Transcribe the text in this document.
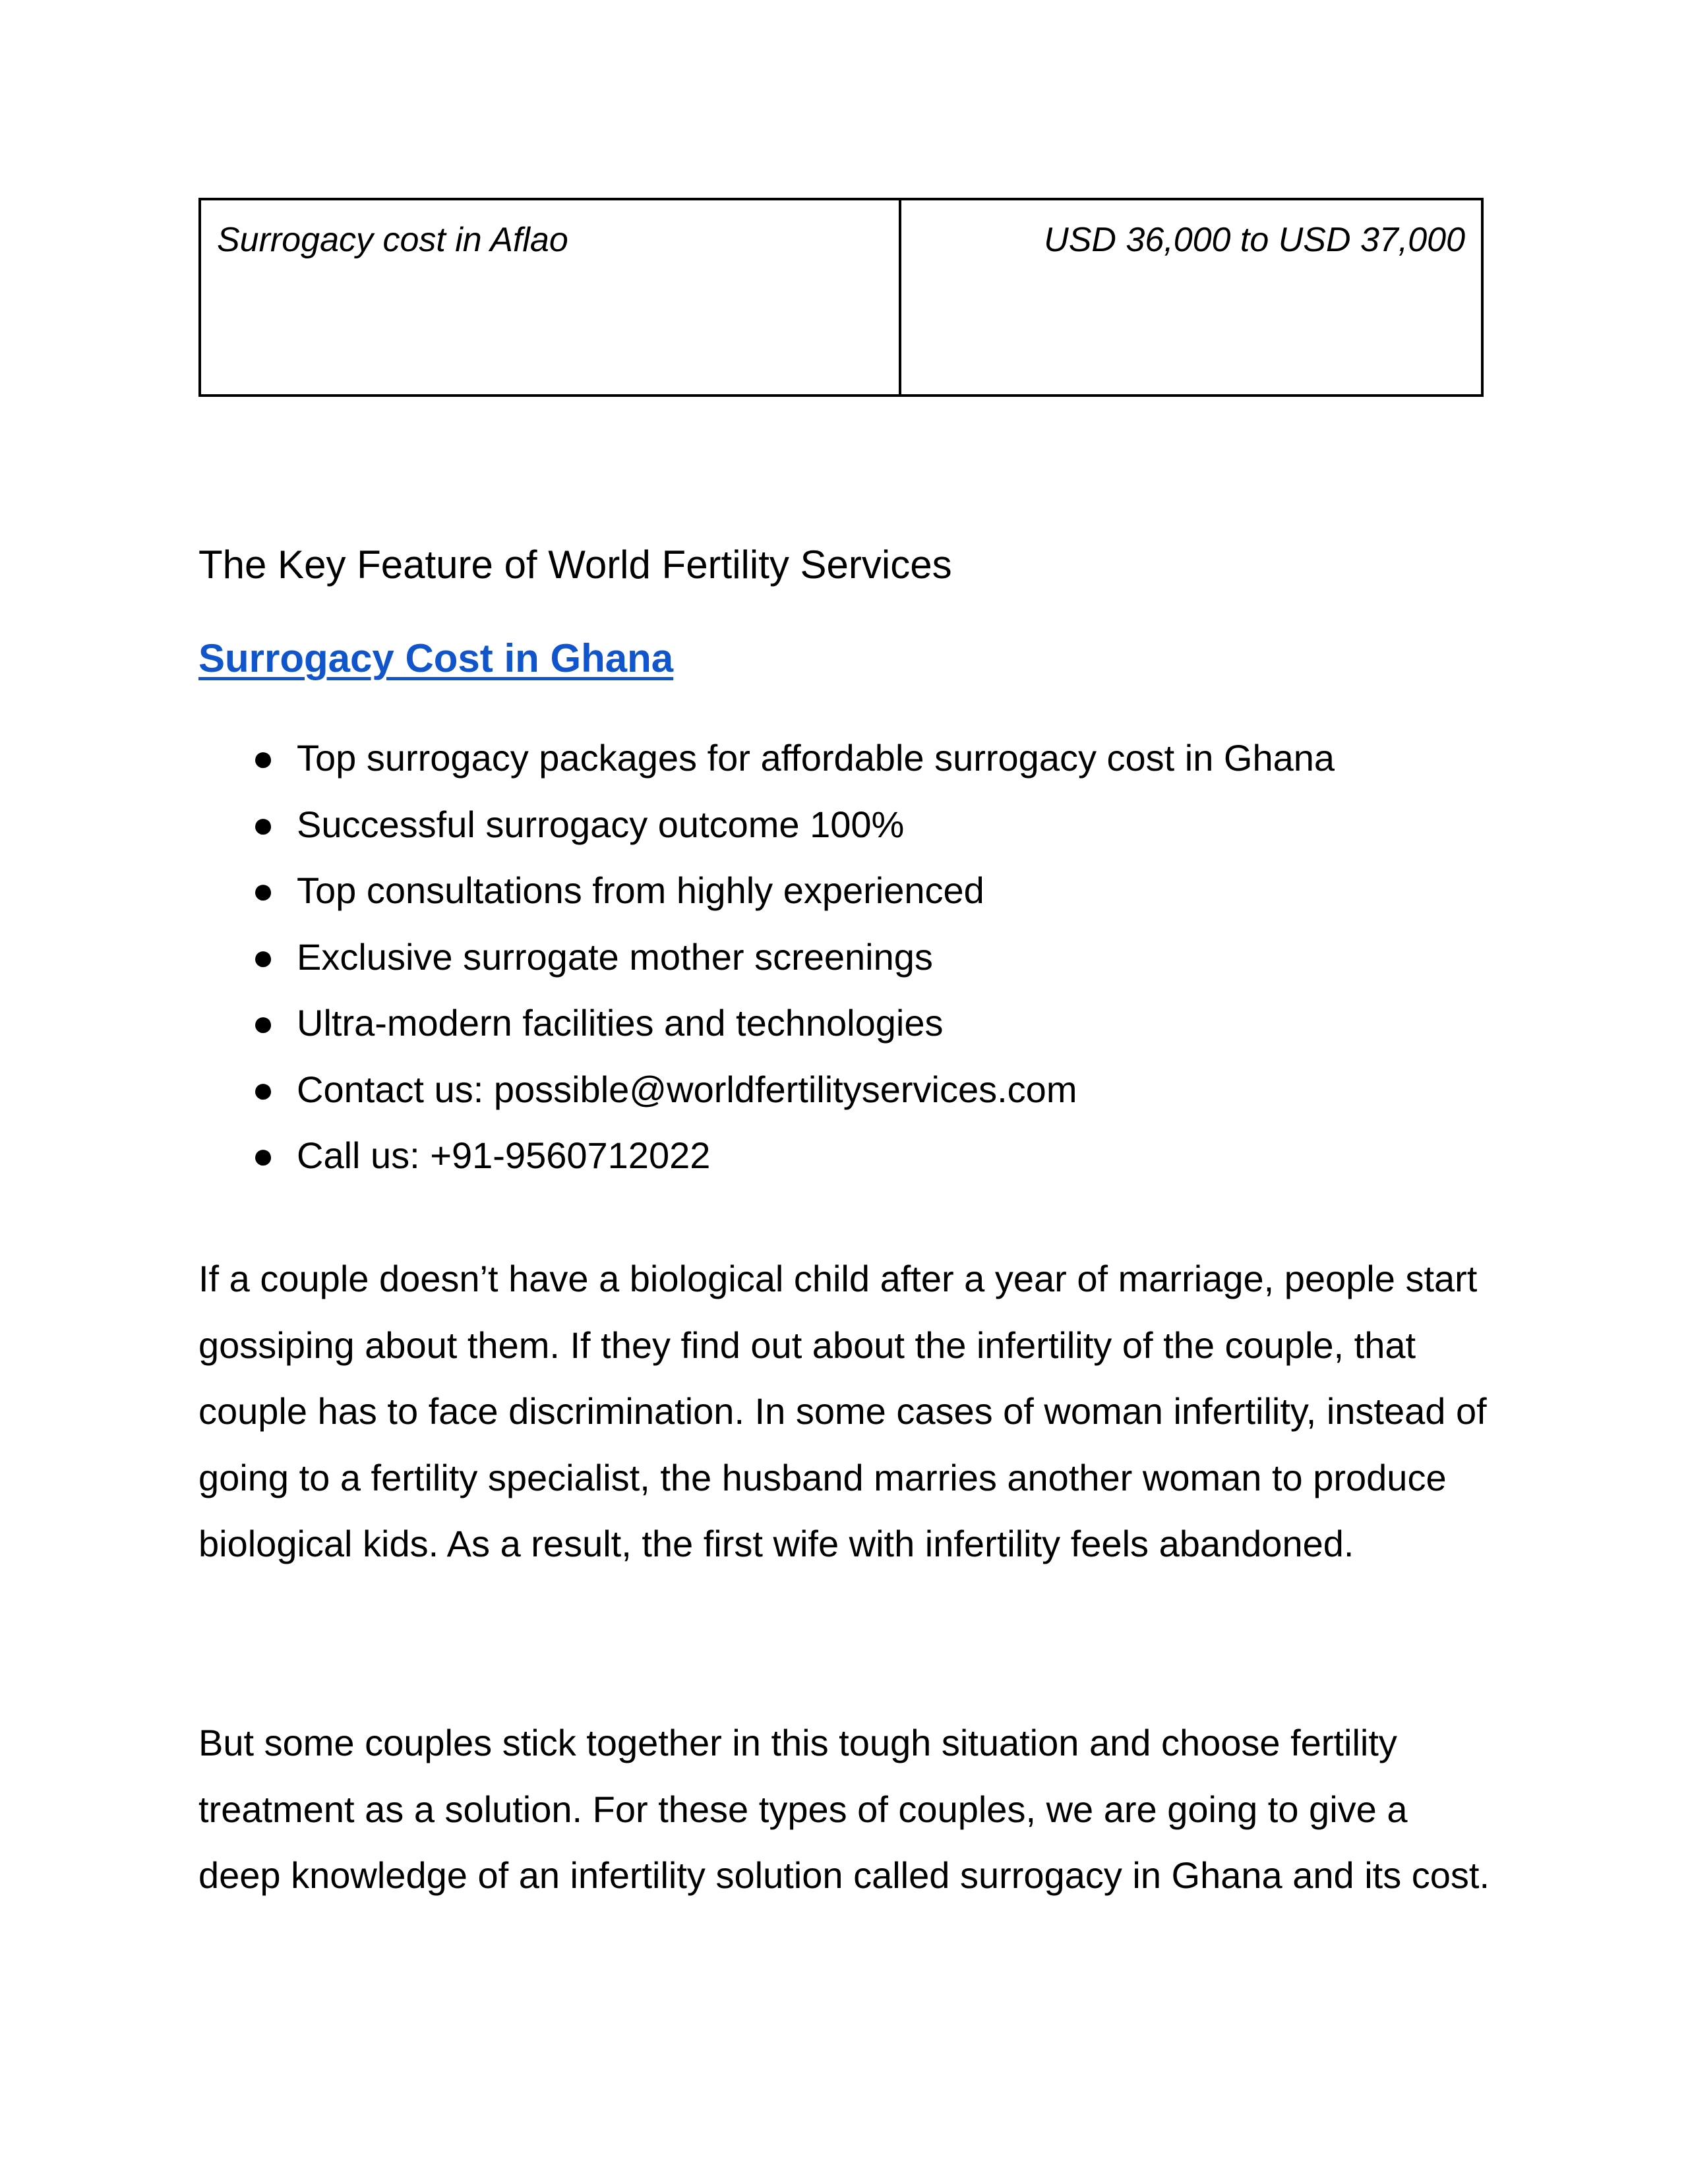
Surrogacy cost in Aflao	USD 36,000 to USD 37,000
The Key Feature of World Fertility Services
Surrogacy Cost in Ghana
● Top surrogacy packages for affordable surrogacy cost in Ghana
● Successful surrogacy outcome 100%
● Top consultations from highly experienced
● Exclusive surrogate mother screenings
● Ultra-modern facilities and technologies
● Contact us: possible@worldfertilityservices.com
● Call us: +91-9560712022

If a couple doesn’t have a biological child after a year of marriage, people start gossiping about them. If they find out about the infertility of the couple, that couple has to face discrimination. In some cases of woman infertility, instead of going to a fertility specialist, the husband marries another woman to produce biological kids. As a result, the first wife with infertility feels abandoned.

But some couples stick together in this tough situation and choose fertility treatment as a solution. For these types of couples, we are going to give a deep knowledge of an infertility solution called surrogacy in Ghana and its cost.
